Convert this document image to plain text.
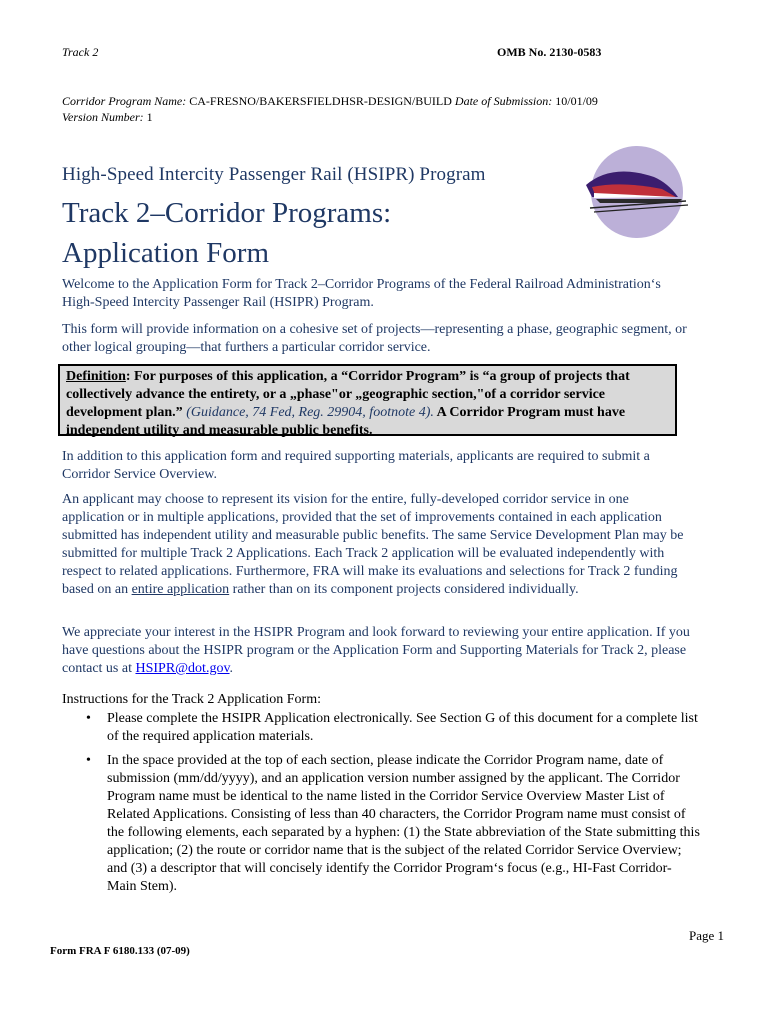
Track 2	OMB No. 2130-0583
Corridor Program Name: CA-FRESNO/BAKERSFIELDHSR-DESIGN/BUILD Date of Submission: 10/01/09
Version Number: 1
High-Speed Intercity Passenger Rail (HSIPR) Program
Track 2–Corridor Programs:
Application Form
Welcome to the Application Form for Track 2–Corridor Programs of the Federal Railroad Administration‘s High-Speed Intercity Passenger Rail (HSIPR) Program.
This form will provide information on a cohesive set of projects—representing a phase, geographic segment, or other logical grouping—that furthers a particular corridor service.
Definition: For purposes of this application, a “Corridor Program” is “a group of projects that collectively advance the entirety, or a „phase"or „geographic section,"of a corridor service development plan.” (Guidance, 74 Fed, Reg. 29904, footnote 4). A Corridor Program must have independent utility and measurable public benefits.
In addition to this application form and required supporting materials, applicants are required to submit a Corridor Service Overview.
An applicant may choose to represent its vision for the entire, fully-developed corridor service in one application or in multiple applications, provided that the set of improvements contained in each application submitted has independent utility and measurable public benefits. The same Service Development Plan may be submitted for multiple Track 2 Applications. Each Track 2 application will be evaluated independently with respect to related applications. Furthermore, FRA will make its evaluations and selections for Track 2 funding based on an entire application rather than on its component projects considered individually.
We appreciate your interest in the HSIPR Program and look forward to reviewing your entire application. If you have questions about the HSIPR program or the Application Form and Supporting Materials for Track 2, please contact us at HSIPR@dot.gov.
Instructions for the Track 2 Application Form:
• Please complete the HSIPR Application electronically. See Section G of this document for a complete list of the required application materials.
• In the space provided at the top of each section, please indicate the Corridor Program name, date of submission (mm/dd/yyyy), and an application version number assigned by the applicant. The Corridor Program name must be identical to the name listed in the Corridor Service Overview Master List of Related Applications. Consisting of less than 40 characters, the Corridor Program name must consist of the following elements, each separated by a hyphen: (1) the State abbreviation of the State submitting this application; (2) the route or corridor name that is the subject of the related Corridor Service Overview; and (3) a descriptor that will concisely identify the Corridor Program‘s focus (e.g., HI-Fast Corridor-Main Stem).
Page 1
Form FRA F 6180.133 (07-09)
